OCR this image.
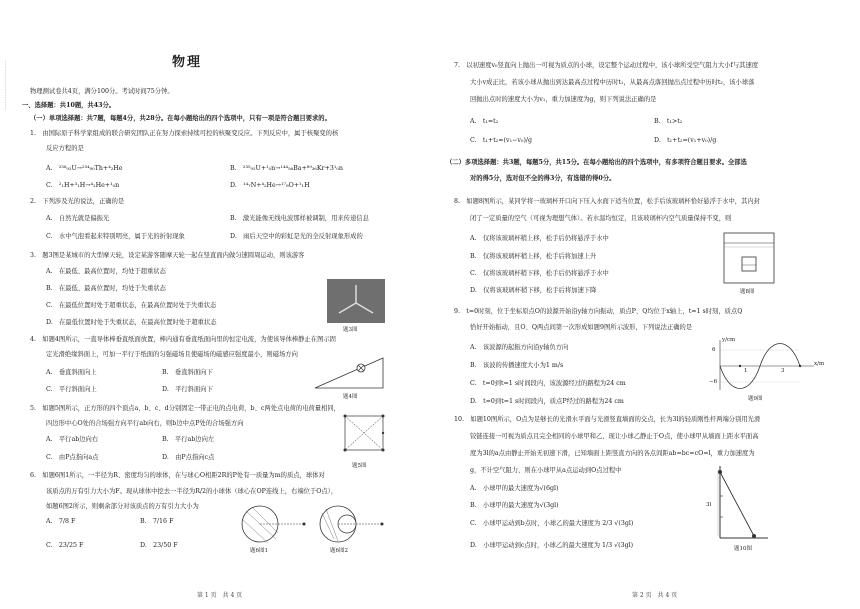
…………………………	物理
物理测试卷共4页，满分100分。考试时间75分钟。
一、选择题：共10题，共43分。
（一）单项选择题：共7题，每题4分，共28分。在每小题给出的四个选项中，只有一项是符合题目要求的。
1.　由国际原子科学家组成的联合研究团队正在努力探索持续可控的核聚变反应。下列反应中，属于核聚变的核
反应方程的是
A.　²³⁸₉₂U→²³⁴₉₀Th+⁴₂He	B.　²³⁵₉₂U+¹₀n→¹⁴⁴₅₆Ba+⁸⁹₃₆Kr+3¹₀n
C.　²₁H+³₁H→⁴₂He+¹₀n	D.　¹⁴₇N+⁴₂He→¹⁷₈O+¹₁H
2.　下列涉及光的说法，正确的是
A.　自然光就是偏振光	B.　激光能像无线电波那样被调制，用来传递信息
C.　水中气泡看起来特别明亮，属于光的折射现象	D.　雨后天空中的彩虹是光的全反射现象形成的
3.　题3图是某城市的大型摩天轮，设定某游客随摩天轮一起在竖直面内做匀速圆周运动，则该游客
A.　在最低、最高位置时，均处于超重状态
B.　在最低、最高位置时，均处于失重状态
C.　在最低位置时处于超重状态，在最高位置时处于失重状态
D.　在最低位置时处于失重状态，在最高位置时处于超重状态
4.　如题4图所示，一直导体棒垂直纸面放置，棒内通有垂直纸面向里的恒定电流，为使该导体棒静止在图示固
定光滑绝缘斜面上，可加一平行于纸面的匀强磁场且使磁场的磁感应强度最小，则磁场方向
A.　垂直斜面向上	B.　垂直斜面向下
C.　平行斜面向上	D.　平行斜面向下
5.　如题5图所示，正方形的四个顶点a、b、c、d分别固定一带正电的点电荷，b、c两处点电荷的电荷量相同，
四边形中心O处的合场强方向平行ab向右，则b边中点P处的合场强方向
A.　平行ab边向右	B.　平行ab边向左
C.　由P点指向a点	D.　由P点指向c点
6.　如题6图1所示，一半径为R、密度均匀的球体，在与球心O相距2R的P处有一质量为m的质点，球体对
该质点的万有引力大小为F。现从球体中挖去一半径为R/2的小球体（球心在OP连线上，右端位于O点），
如题6图2所示，则剩余部分对该质点的万有引力大小为
A.　7/8 F	B.　7/16 F
C.　23/25 F	D.　23/50 F
题3图
题4图
题5图
题6图1	题6图2
第 1 页　共 4 页
7.　以初速度v₀竖直向上抛出一可视为质点的小球，设定整个运动过程中，该小球所受空气阻力大小f与其速度
大小v成正比，若该小球从抛出到达最高点过程中历时t₁，从最高点落回抛出点过程中历时t₂，该小球落
回抛出点时的速度大小为v₁，重力加速度为g，则下列说法正确的是
A.　t₁=t₂	B.　t₁>t₂
C.　t₁+t₂=(v₁−v₀)/g	D.　t₁+t₂=(v₁+v₀)/g
（二）多项选择题：共3题，每题5分，共15分。在每小题给出的四个选项中，有多项符合题目要求。全部选
对的得5分，选对但不全的得3分，有选错的得0分。
8.　如题8图所示，某同学将一玻璃杯开口向下压入水面下适当位置，松手后该玻璃杯恰好悬浮于水中，其内封
闭了一定质量的空气（可视为理想气体）。若水温均恒定，且该玻璃杯内空气质量保持不变，则
A.　仅将该玻璃杯稍上移，松手后仍将悬浮于水中
B.　仅将该玻璃杯稍上移，松手后将加速上升
C.　仅将该玻璃杯稍下移，松手后仍将悬浮于水中
D.　仅将该玻璃杯稍下移，松手后将加速下降
9.　t=0时刻，位于坐标原点O的波源开始沿y轴方向振动，质点P、Q均位于x轴上，t=1 s时刻，质点Q
恰好开始振动，且O、Q两点间第一次形成如题9图所示波形，下列说法正确的是
A.　该波源的起振方向沿y轴负方向
B.　该波的传播速度大小为1 m/s
C.　t=0到t=1 s时间段内，该波源经过的路程为24 cm
D.　t=0到t=1 s时间段内，质点P经过的路程为24 cm
10.　如题10图所示，O点为足够长的光滑水平面与光滑竖直墙面的交点，长为3l的轻质刚性杆两端分别用光滑
铰链连接一可视为质点且完全相同的小球甲和乙，现让小球乙静止于O点，使小球甲从墙面上距水平面高
度为3l的a点由静止开始无初速下滑，已知墙面上距竖直方向的各点间距ab=bc=cO=l，重力加速度为
g，不计空气阻力，则在小球甲从a点运动到O点过程中
A.　小球甲的最大速度为√(6gl)
B.　小球甲的最大速度为√(3gl)
C.　小球甲运动到b点时，小球乙的最大速度为 2/3 √(3gl)
D.　小球甲运动到c点时，小球乙的最大速度为 1/3 √(3gl)
题8图
y/cm
x/m
6
−6
1	3
题9图
3l
题10图
第 2 页　共 4 页
